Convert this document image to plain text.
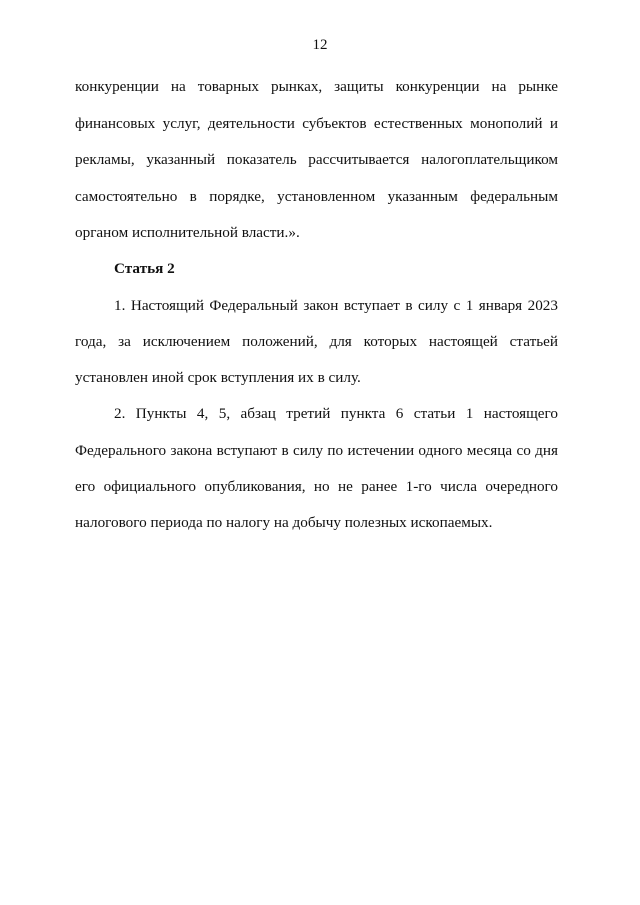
12
конкуренции на товарных рынках, защиты конкуренции на рынке
финансовых услуг, деятельности субъектов естественных монополий и
рекламы, указанный показатель рассчитывается налогоплательщиком
самостоятельно в порядке, установленном указанным федеральным
органом исполнительной власти.».
Статья 2
1. Настоящий Федеральный закон вступает в силу с 1 января 2023
года, за исключением положений, для которых настоящей статьей
установлен иной срок вступления их в силу.
2. Пункты 4, 5, абзац третий пункта 6 статьи 1 настоящего
Федерального закона вступают в силу по истечении одного месяца со дня
его официального опубликования, но не ранее 1-го числа очередного
налогового периода по налогу на добычу полезных ископаемых.
